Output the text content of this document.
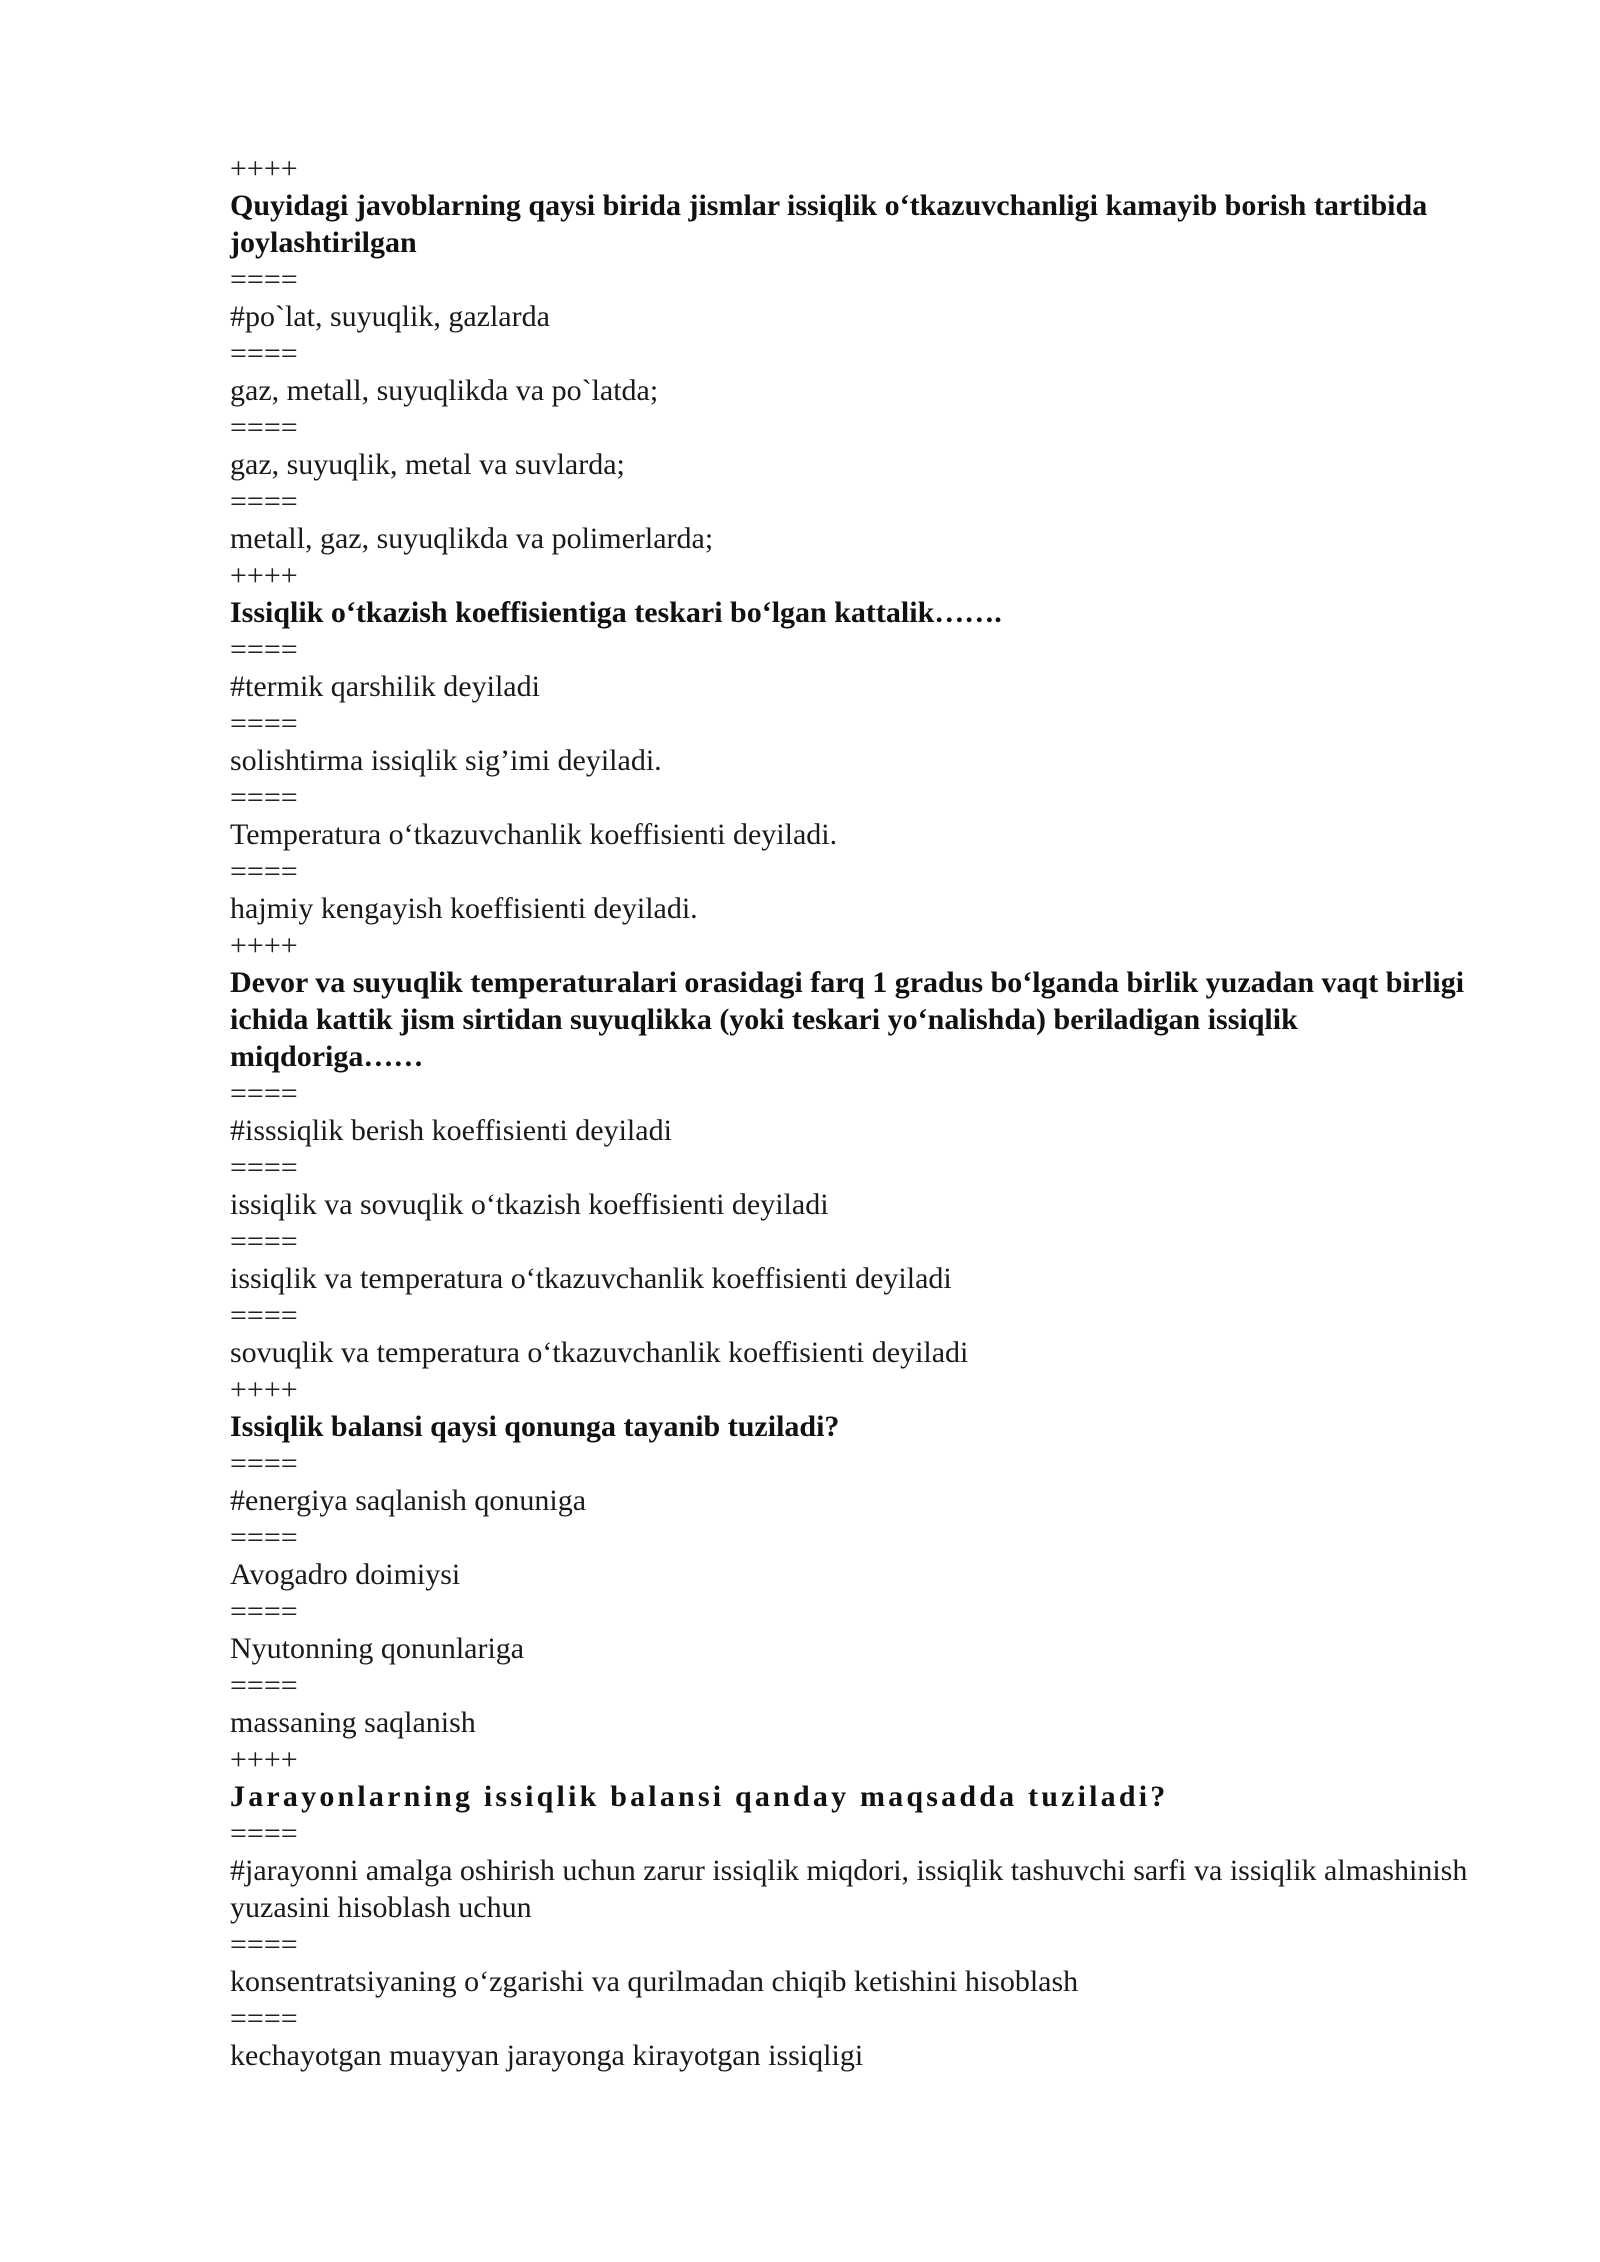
++++

Quyidagi javoblarning qaysi birida jismlar issiqlik o‘tkazuvchanligi kamayib borish tartibida joylashtirilgan

====

#po`lat, suyuqlik, gazlarda

====

gaz, metall, suyuqlikda va po`latda;

====

gaz, suyuqlik, metal va suvlarda;

====

metall, gaz, suyuqlikda va polimerlarda;

++++

Issiqlik o‘tkazish koeffisientiga teskari bo‘lgan kattalik…….

====

#termik qarshilik deyiladi

====

solishtirma issiqlik sig’imi deyiladi.

====

Temperatura o‘tkazuvchanlik koeffisienti deyiladi.

====

hajmiy kengayish koeffisienti deyiladi.

++++

Devor va suyuqlik temperaturalari orasidagi farq 1 gradus bo‘lganda birlik yuzadan vaqt birligi ichida kattik jism sirtidan suyuqlikka (yoki teskari yo‘nalishda) beriladigan issiqlik miqdoriga……

====

#isssiqlik berish koeffisienti deyiladi

====

issiqlik va sovuqlik o‘tkazish koeffisienti deyiladi

====

issiqlik va temperatura o‘tkazuvchanlik koeffisienti deyiladi

====

sovuqlik va temperatura o‘tkazuvchanlik koeffisienti deyiladi

++++

Issiqlik balansi qaysi qonunga tayanib tuziladi?

====

#energiya saqlanish qonuniga

====

Avogadro doimiysi

====

Nyutonning qonunlariga

====

massaning saqlanish

++++

Jarayonlarning issiqlik balansi qanday maqsadda tuziladi?

====

#jarayonni amalga oshirish uchun zarur issiqlik miqdori, issiqlik tashuvchi sarfi va issiqlik almashinish yuzasini hisoblash uchun

====

konsentratsiyaning o‘zgarishi va qurilmadan chiqib ketishini hisoblash

====

kechayotgan muayyan jarayonga kirayotgan issiqligi
